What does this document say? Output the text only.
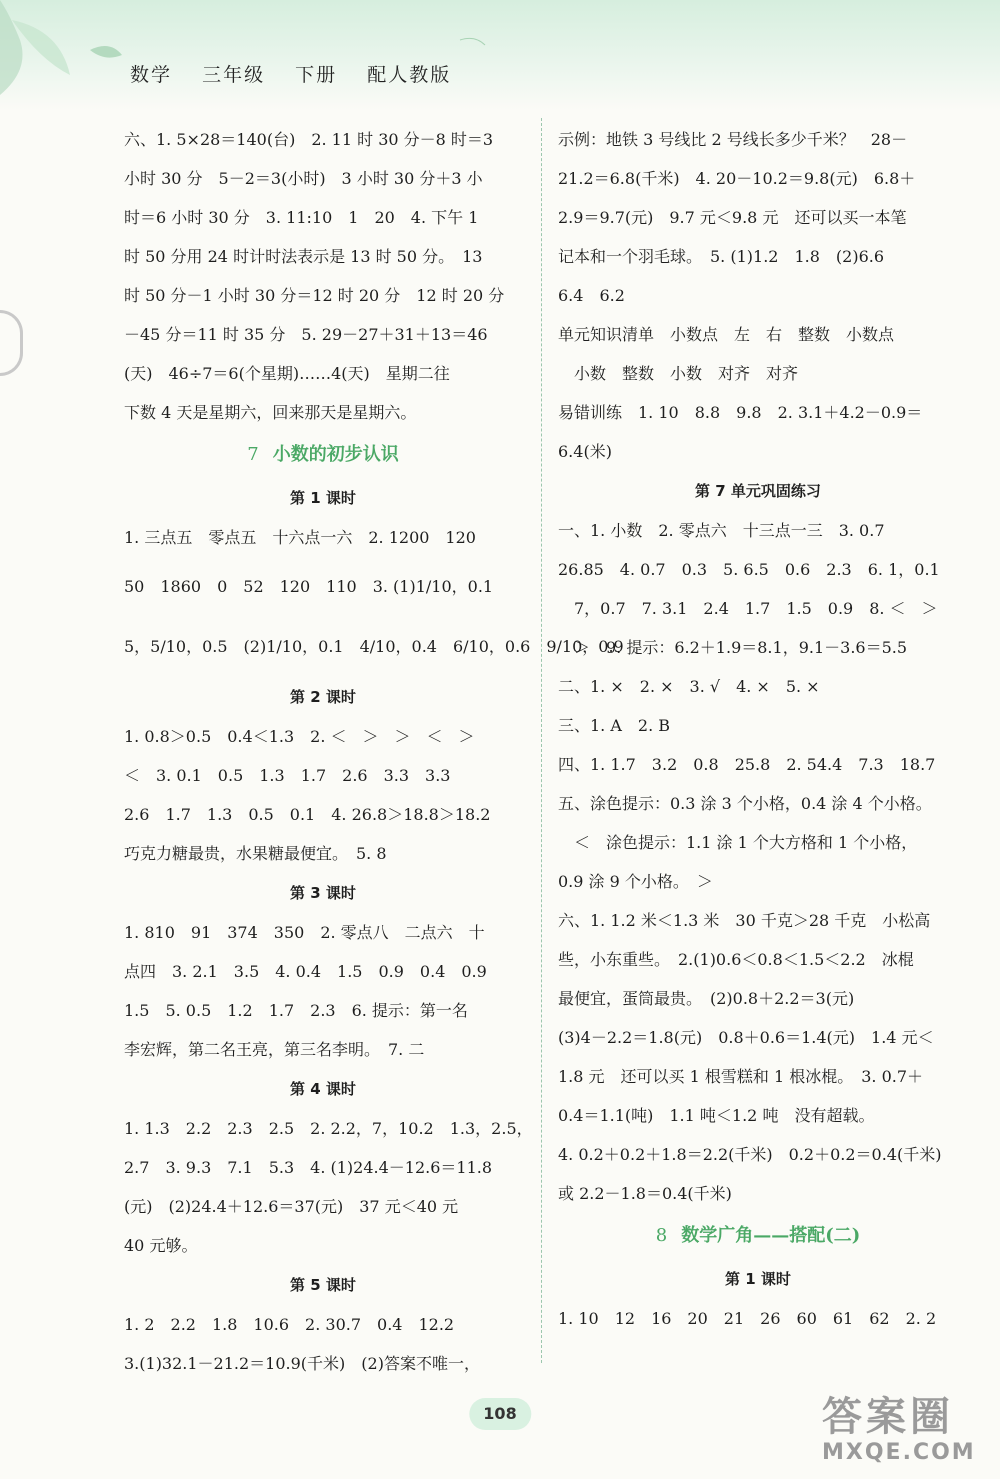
数学 三年级 下册 配人教版
六、1. 5×28＝140(台)　2. 11 时 30 分－8 时＝3
小时 30 分　5－2＝3(小时)　3 小时 30 分＋3 小
时＝6 小时 30 分　3. 11:10　1　20　4. 下午 1
时 50 分用 24 时计时法表示是 13 时 50 分。　13
时 50 分－1 小时 30 分＝12 时 20 分　12 时 20 分
－45 分＝11 时 35 分　5. 29－27＋31＋13＝46
(天)　46÷7＝6(个星期)……4(天)　星期二往
下数 4 天是星期六，回来那天是星期六。
7 小数的初步认识
第 1 课时
1. 三点五　零点五　十六点一六　2. 1200　120
50　1860　0　52　120　110　3. (1)1/10，0.1
5，5/10，0.5　(2)1/10，0.1　4/10，0.4　6/10，0.6　9/10，0.9
第 2 课时
1. 0.8＞0.5　0.4＜1.3　2. ＜　＞　＞　＜　＞
＜　3. 0.1　0.5　1.3　1.7　2.6　3.3　3.3
2.6　1.7　1.3　0.5　0.1　4. 26.8＞18.8＞18.2
巧克力糖最贵，水果糖最便宜。　5. 8
第 3 课时
1. 810　91　374　350　2. 零点八　二点六　十
点四　3. 2.1　3.5　4. 0.4　1.5　0.9　0.4　0.9
1.5　5. 0.5　1.2　1.7　2.3　6. 提示：第一名
李宏辉，第二名王亮，第三名李明。　7. 二
第 4 课时
1. 1.3　2.2　2.3　2.5　2. 2.2，7，10.2　1.3，2.5，
2.7　3. 9.3　7.1　5.3　4. (1)24.4－12.6＝11.8
(元)　(2)24.4＋12.6＝37(元)　37 元＜40 元
40 元够。
第 5 课时
1. 2　2.2　1.8　10.6　2. 30.7　0.4　12.2
3.(1)32.1－21.2＝10.9(千米)　(2)答案不唯一，
示例：地铁 3 号线比 2 号线长多少千米？　28－
21.2＝6.8(千米)　4. 20－10.2＝9.8(元)　6.8＋
2.9＝9.7(元)　9.7 元＜9.8 元　还可以买一本笔
记本和一个羽毛球。　5. (1)1.2　1.8　(2)6.6
6.4　6.2
单元知识清单　小数点　左　右　整数　小数点
　小数　整数　小数　对齐　对齐
易错训练　1. 10　8.8　9.8　2. 3.1＋4.2－0.9＝
6.4(米)
第 7 单元巩固练习
一、1. 小数　2. 零点六　十三点一三　3. 0.7
26.85　4. 0.7　0.3　5. 6.5　0.6　2.3　6. 1，0.1
　7，0.7　7. 3.1　2.4　1.7　1.5　0.9　8. ＜　＞
　＞　9. 提示：6.2＋1.9＝8.1，9.1－3.6＝5.5
二、1. ×　2. ×　3. √　4. ×　5. ×
三、1. A　2. B
四、1. 1.7　3.2　0.8　25.8　2. 54.4　7.3　18.7
五、涂色提示：0.3 涂 3 个小格，0.4 涂 4 个小格。
　＜　涂色提示：1.1 涂 1 个大方格和 1 个小格，
0.9 涂 9 个小格。　＞
六、1. 1.2 米＜1.3 米　30 千克＞28 千克　小松高
些，小东重些。　2.(1)0.6＜0.8＜1.5＜2.2　冰棍
最便宜，蛋筒最贵。　(2)0.8＋2.2＝3(元)
(3)4－2.2＝1.8(元)　0.8＋0.6＝1.4(元)　1.4 元＜
1.8 元　还可以买 1 根雪糕和 1 根冰棍。　3. 0.7＋
0.4＝1.1(吨)　1.1 吨＜1.2 吨　没有超载。
4. 0.2＋0.2＋1.8＝2.2(千米)　0.2＋0.2＝0.4(千米)
或 2.2－1.8＝0.4(千米)
8 数学广角——搭配(二)
第 1 课时
1. 10　12　16　20　21　26　60　61　62　2. 2
108	答案圈
MXQE.COM
